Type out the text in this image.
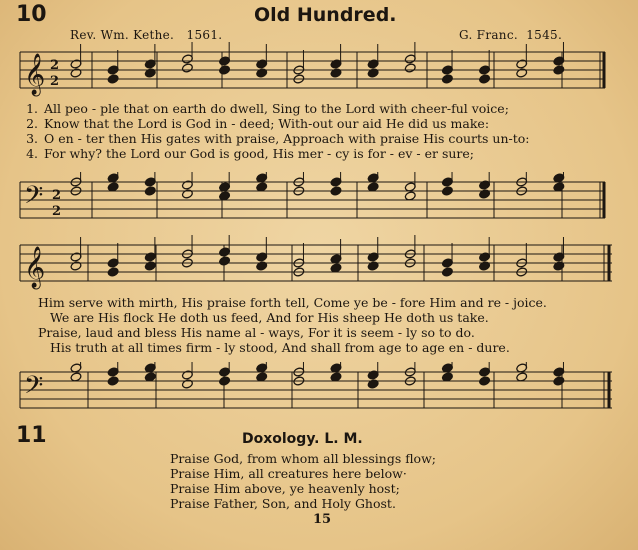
10	Old Hundred.
Rev. Wm. Kethe. 1561.	G. Franc. 1545.
𝄞 2
2
1. All peo - ple that on earth do dwell, Sing to the Lord with cheer-ful voice;
2. Know that the Lord is God in - deed; With-out our aid He did us make:
3. O en - ter then His gates with praise, Approach with praise His courts un-to:
4. For why? the Lord our God is good, His mer - cy is for - ev - er sure;
𝄢 2
2
𝄞
Him serve with mirth, His praise forth tell, Come ye be - fore Him and re - joice.
We are His flock He doth us feed, And for His sheep He doth us take.
Praise, laud and bless His name al - ways, For it is seem - ly so to do.
His truth at all times firm - ly stood, And shall from age to age en - dure.
𝄢
11	Doxology. L. M.
Praise God, from whom all blessings flow;
Praise Him, all creatures here below·
Praise Him above, ye heavenly host;
Praise Father, Son, and Holy Ghost.
15
